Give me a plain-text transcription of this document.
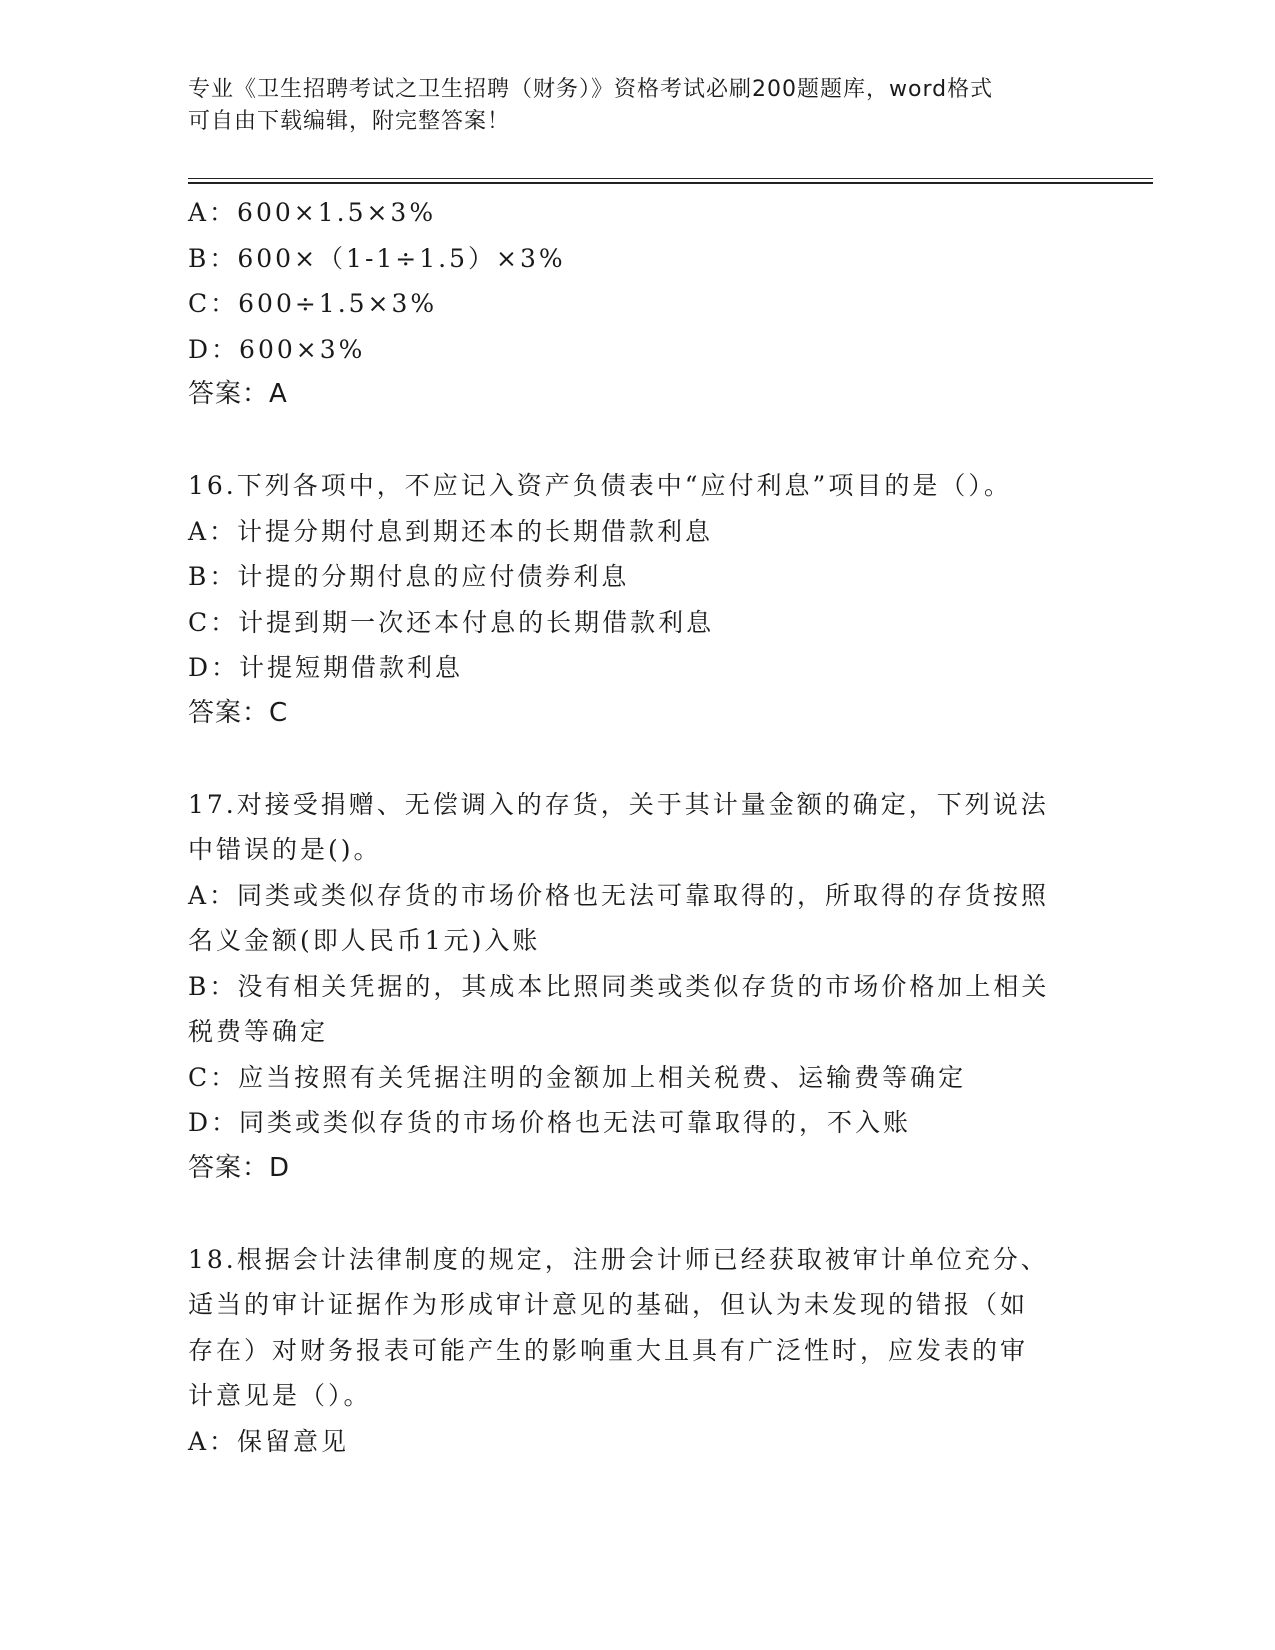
专业《卫生招聘考试之卫生招聘（财务）》资格考试必刷200题题库，word格式
可自由下载编辑，附完整答案！

A：600×1.5×3%

B：600×（1-1÷1.5）×3%

C：600÷1.5×3%

D：600×3%

答案：A

16.下列各项中，不应记入资产负债表中“应付利息”项目的是（）。

A：计提分期付息到期还本的长期借款利息

B：计提的分期付息的应付债券利息

C：计提到期一次还本付息的长期借款利息

D：计提短期借款利息

答案：C

17.对接受捐赠、无偿调入的存货，关于其计量金额的确定，下列说法

中错误的是()。

A：同类或类似存货的市场价格也无法可靠取得的，所取得的存货按照

名义金额(即人民币1元)入账

B：没有相关凭据的，其成本比照同类或类似存货的市场价格加上相关

税费等确定

C：应当按照有关凭据注明的金额加上相关税费、运输费等确定

D：同类或类似存货的市场价格也无法可靠取得的，不入账

答案：D

18.根据会计法律制度的规定，注册会计师已经获取被审计单位充分、

适当的审计证据作为形成审计意见的基础，但认为未发现的错报（如

存在）对财务报表可能产生的影响重大且具有广泛性时，应发表的审

计意见是（）。

A：保留意见
